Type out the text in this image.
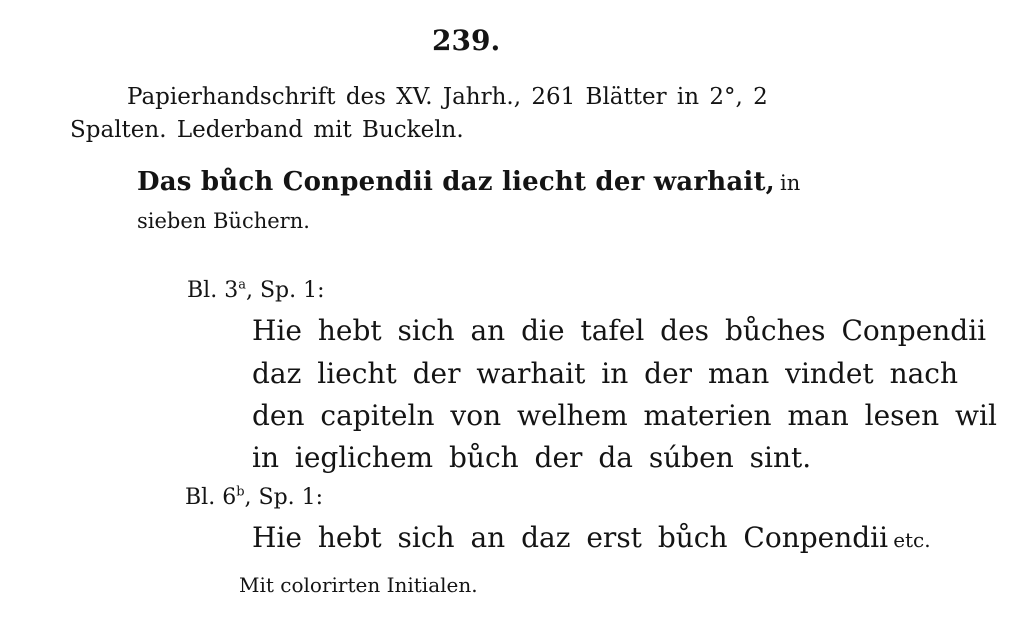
239.
Papierhandschrift des XV. Jahrh., 261 Blätter in 2°, 2
Spalten. Lederband mit Buckeln.
Das bůch Conpendii daz liecht der warhait, in
sieben Büchern.
Bl. 3$^a$, Sp. 1:
Hie hebt sich an die tafel des bůches Conpendii
daz liecht der warhait in der man vindet nach
den capiteln von welhem materien man lesen wil
in ieglichem bůch der da súben sint.
Bl. 6$^b$, Sp. 1:
Hie hebt sich an daz erst bůch Conpendii etc.
Mit colorirten Initialen.
